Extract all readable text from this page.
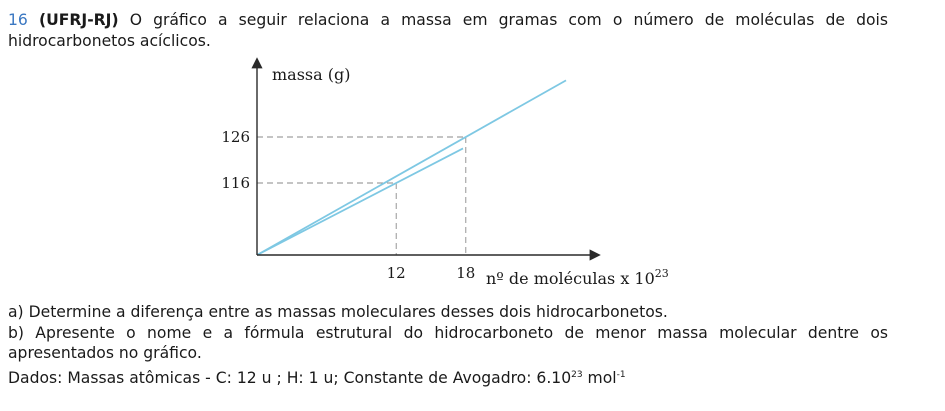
16 (UFRJ-RJ) O gráfico a seguir relaciona a massa em gramas com o número de moléculas de dois hidrocarbonetos acíclicos.
massa (g)
12	18
126
116
nº de moléculas x $10^{23}$
a) Determine a diferença entre as massas moleculares desses dois hidrocarbonetos.
b) Apresente o nome e a fórmula estrutural do hidrocarboneto de menor massa molecular dentre os apresentados no gráfico.
Dados: Massas atômicas - C: 12 u ; H: 1 u; Constante de Avogadro: 6.10$^{23}$ mol$^{-1}$
